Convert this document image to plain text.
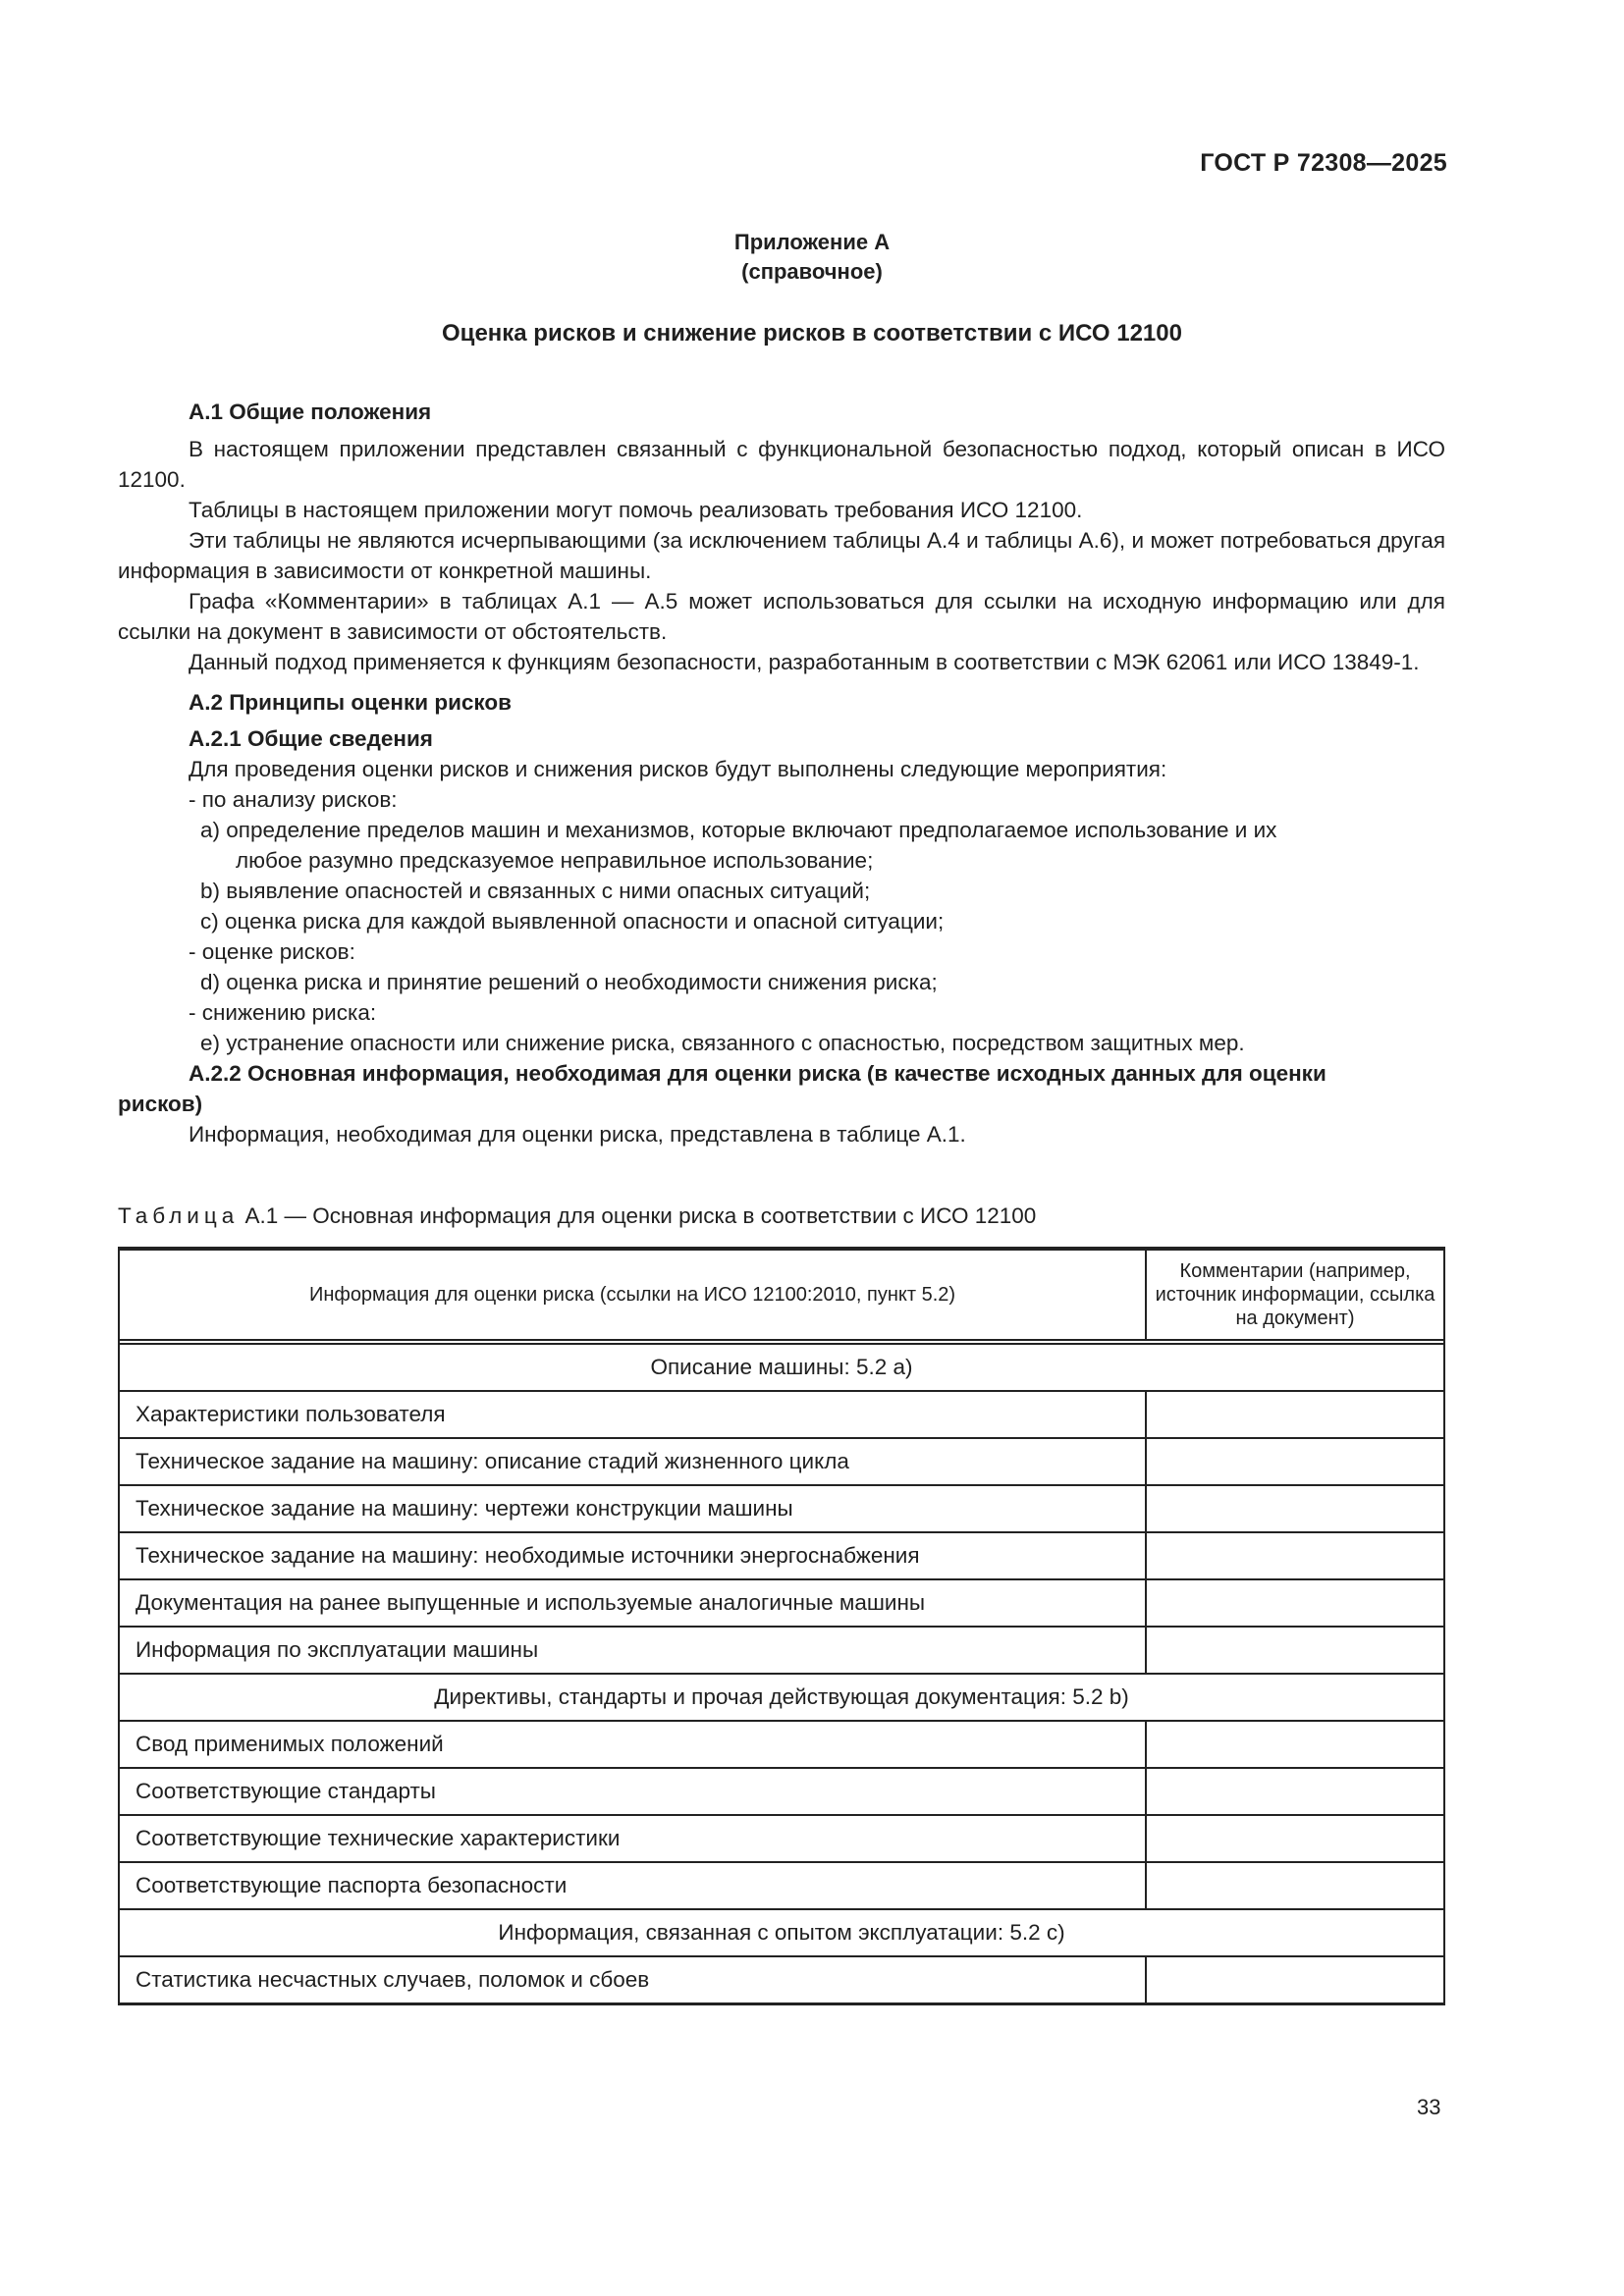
ГОСТ Р 72308—2025
Приложение А
(справочное)
Оценка рисков и снижение рисков в соответствии с ИСО 12100

А.1 Общие положения

В настоящем приложении представлен связанный с функциональной безопасностью подход, который описан в ИСО 12100.

Таблицы в настоящем приложении могут помочь реализовать требования ИСО 12100.

Эти таблицы не являются исчерпывающими (за исключением таблицы А.4 и таблицы А.6), и может потребоваться другая информация в зависимости от конкретной машины.

Графа «Комментарии» в таблицах А.1 — А.5 может использоваться для ссылки на исходную информацию или для ссылки на документ в зависимости от обстоятельств.

Данный подход применяется к функциям безопасности, разработанным в соответствии с МЭК 62061 или ИСО 13849-1.

А.2 Принципы оценки рисков

А.2.1 Общие сведения

Для проведения оценки рисков и снижения рисков будут выполнены следующие мероприятия:

- по анализу рисков:

a) определение пределов машин и механизмов, которые включают предполагаемое использование и их

любое разумно предсказуемое неправильное использование;

b) выявление опасностей и связанных с ними опасных ситуаций;

c) оценка риска для каждой выявленной опасности и опасной ситуации;

- оценке рисков:

d) оценка риска и принятие решений о необходимости снижения риска;

- снижению риска:

e) устранение опасности или снижение риска, связанного с опасностью, посредством защитных мер.

А.2.2 Основная информация, необходимая для оценки риска (в качестве исходных данных для оценки рисков)

Информация, необходимая для оценки риска, представлена в таблице А.1.

Таблица А.1 — Основная информация для оценки риска в соответствии с ИСО 12100
Информация для оценки риска (ссылки на ИСО 12100:2010, пункт 5.2)	Комментарии (например, источник информации, ссылка на документ)

Описание машины: 5.2 a)	
Характеристики пользователя	
Техническое задание на машину: описание стадий жизненного цикла	
Техническое задание на машину: чертежи конструкции машины	
Техническое задание на машину: необходимые источники энергоснабжения	
Документация на ранее выпущенные и используемые аналогичные машины	
Информация по эксплуатации машины	
Директивы, стандарты и прочая действующая документация: 5.2 b)	
Свод применимых положений	
Соответствующие стандарты	
Соответствующие технические характеристики	
Соответствующие паспорта безопасности	
Информация, связанная с опытом эксплуатации: 5.2 c)	
Статистика несчастных случаев, поломок и сбоев	
33
